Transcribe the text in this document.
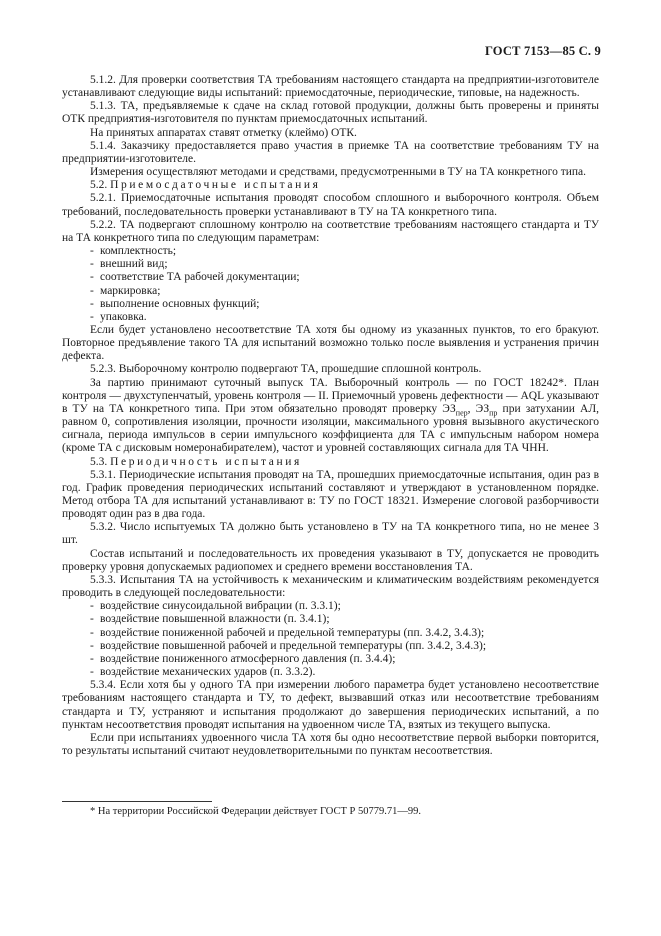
ГОСТ 7153—85 С. 9

5.1.2. Для проверки соответствия ТА требованиям настоящего стандарта на предприятии-изготовителе устанавливают следующие виды испытаний: приемосдаточные, периодические, типовые, на надежность.

5.1.3. ТА, предъявляемые к сдаче на склад готовой продукции, должны быть проверены и приняты ОТК предприятия-изготовителя по пунктам приемосдаточных испытаний.

На принятых аппаратах ставят отметку (клеймо) ОТК.

5.1.4. Заказчику предоставляется право участия в приемке ТА на соответствие требованиям ТУ на предприятии-изготовителе.

Измерения осуществляют методами и средствами, предусмотренными в ТУ на ТА конкретного типа.

5.2. Приемосдаточные испытания

5.2.1. Приемосдаточные испытания проводят способом сплошного и выборочного контроля. Объем требований, последовательность проверки устанавливают в ТУ на ТА конкретного типа.

5.2.2. ТА подвергают сплошному контролю на соответствие требованиям настоящего стандарта и ТУ на ТА конкретного типа по следующим параметрам:

- комплектность;
- внешний вид;
- соответствие ТА рабочей документации;
- маркировка;
- выполнение основных функций;
- упаковка.

Если будет установлено несоответствие ТА хотя бы одному из указанных пунктов, то его бракуют. Повторное предъявление такого ТА для испытаний возможно только после выявления и устранения причин дефекта.

5.2.3. Выборочному контролю подвергают ТА, прошедшие сплошной контроль.

За партию принимают суточный выпуск ТА. Выборочный контроль — по ГОСТ 18242*. План контроля — двухступенчатый, уровень контроля — II. Приемочный уровень дефектности — AQL указывают в ТУ на ТА конкретного типа. При этом обязательно проводят проверку $ЭЗ_{пер}$, $ЭЗ_{пр}$ при затухании АЛ, равном 0, сопротивления изоляции, прочности изоляции, максимального уровня вызывного акустического сигнала, периода импульсов в серии импульсного коэффициента для ТА с импульсным набором номера (кроме ТА с дисковым номеронабирателем), частот и уровней составляющих сигнала для ТА ЧНН.

5.3. Периодичность испытания

5.3.1. Периодические испытания проводят на ТА, прошедших приемосдаточные испытания, один раз в год. График проведения периодических испытаний составляют и утверждают в установленном порядке. Метод отбора ТА для испытаний устанавливают в: ТУ по ГОСТ 18321. Измерение слоговой разборчивости проводят один раз в два года.

5.3.2. Число испытуемых ТА должно быть установлено в ТУ на ТА конкретного типа, но не менее 3 шт.

Состав испытаний и последовательность их проведения указывают в ТУ, допускается не проводить проверку уровня допускаемых радиопомех и среднего времени восстановления ТА.

5.3.3. Испытания ТА на устойчивость к механическим и климатическим воздействиям рекомендуется проводить в следующей последовательности:

- воздействие синусоидальной вибрации (п. 3.3.1);
- воздействие повышенной влажности (п. 3.4.1);
- воздействие пониженной рабочей и предельной температуры (пп. 3.4.2, 3.4.3);
- воздействие повышенной рабочей и предельной температуры (пп. 3.4.2, 3.4.3);
- воздействие пониженного атмосферного давления (п. 3.4.4);
- воздействие механических ударов (п. 3.3.2).

5.3.4. Если хотя бы у одного ТА при измерении любого параметра будет установлено несоответствие требованиям настоящего стандарта и ТУ, то дефект, вызвавший отказ или несоответствие требованиям стандарта и ТУ, устраняют и испытания продолжают до завершения периодических испытаний, а по пунктам несоответствия проводят испытания на удвоенном числе ТА, взятых из текущего выпуска.

Если при испытаниях удвоенного числа ТА хотя бы одно несоответствие первой выборки повторится, то результаты испытаний считают неудовлетворительными по пунктам несоответствия.

* На территории Российской Федерации действует ГОСТ Р 50779.71—99.
